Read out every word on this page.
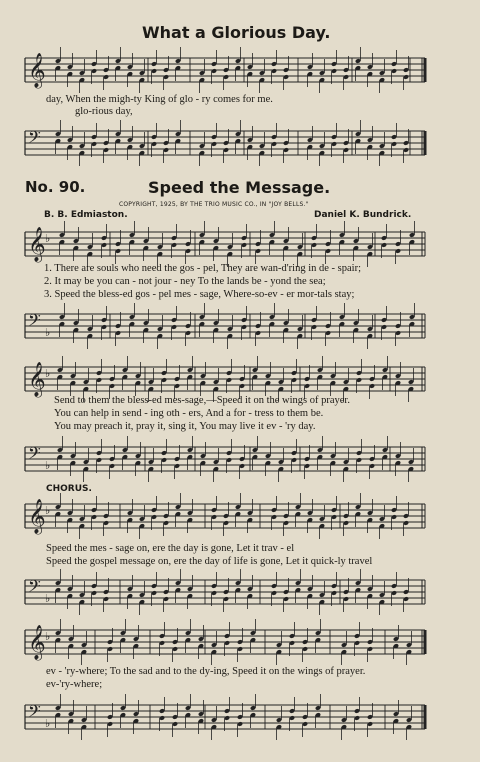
What a Glorious Day.
𝄞
day, When the migh-ty King of glo - ry comes for me.
glo-rious day,
𝄢
No. 90.	Speed the Message.
COPYRIGHT, 1925, BY THE TRIO MUSIC CO., IN "JOY BELLS."
B. B. Edmiaston.	Daniel K. Bundrick.
𝄞 ♭
1. There are souls who need the gos - pel, They are wan-d'ring in de - spair;
2. It may be you can - not jour - ney To the lands be - yond the sea;
3. Speed the bless-ed gos - pel mes - sage, Where-so-ev - er mor-tals stay;
𝄢 ♭
𝄞 ♭
Send to them the bless-ed mes-sage,—Speed it on the wings of prayer.
You can help in send - ing oth - ers, And a for - tress to them be.
You may preach it, pray it, sing it, You may live it ev - 'ry day.
𝄢 ♭
CHORUS.
𝄞 ♭
Speed the mes - sage on, ere the day is gone, Let it trav - el
Speed the gospel message on, ere the day of life is gone, Let it quick-ly travel
𝄢 ♭
𝄞 ♭
ev - 'ry-where; To the sad and to the dy-ing, Speed it on the wings of prayer.
ev-'ry-where;
𝄢 ♭
